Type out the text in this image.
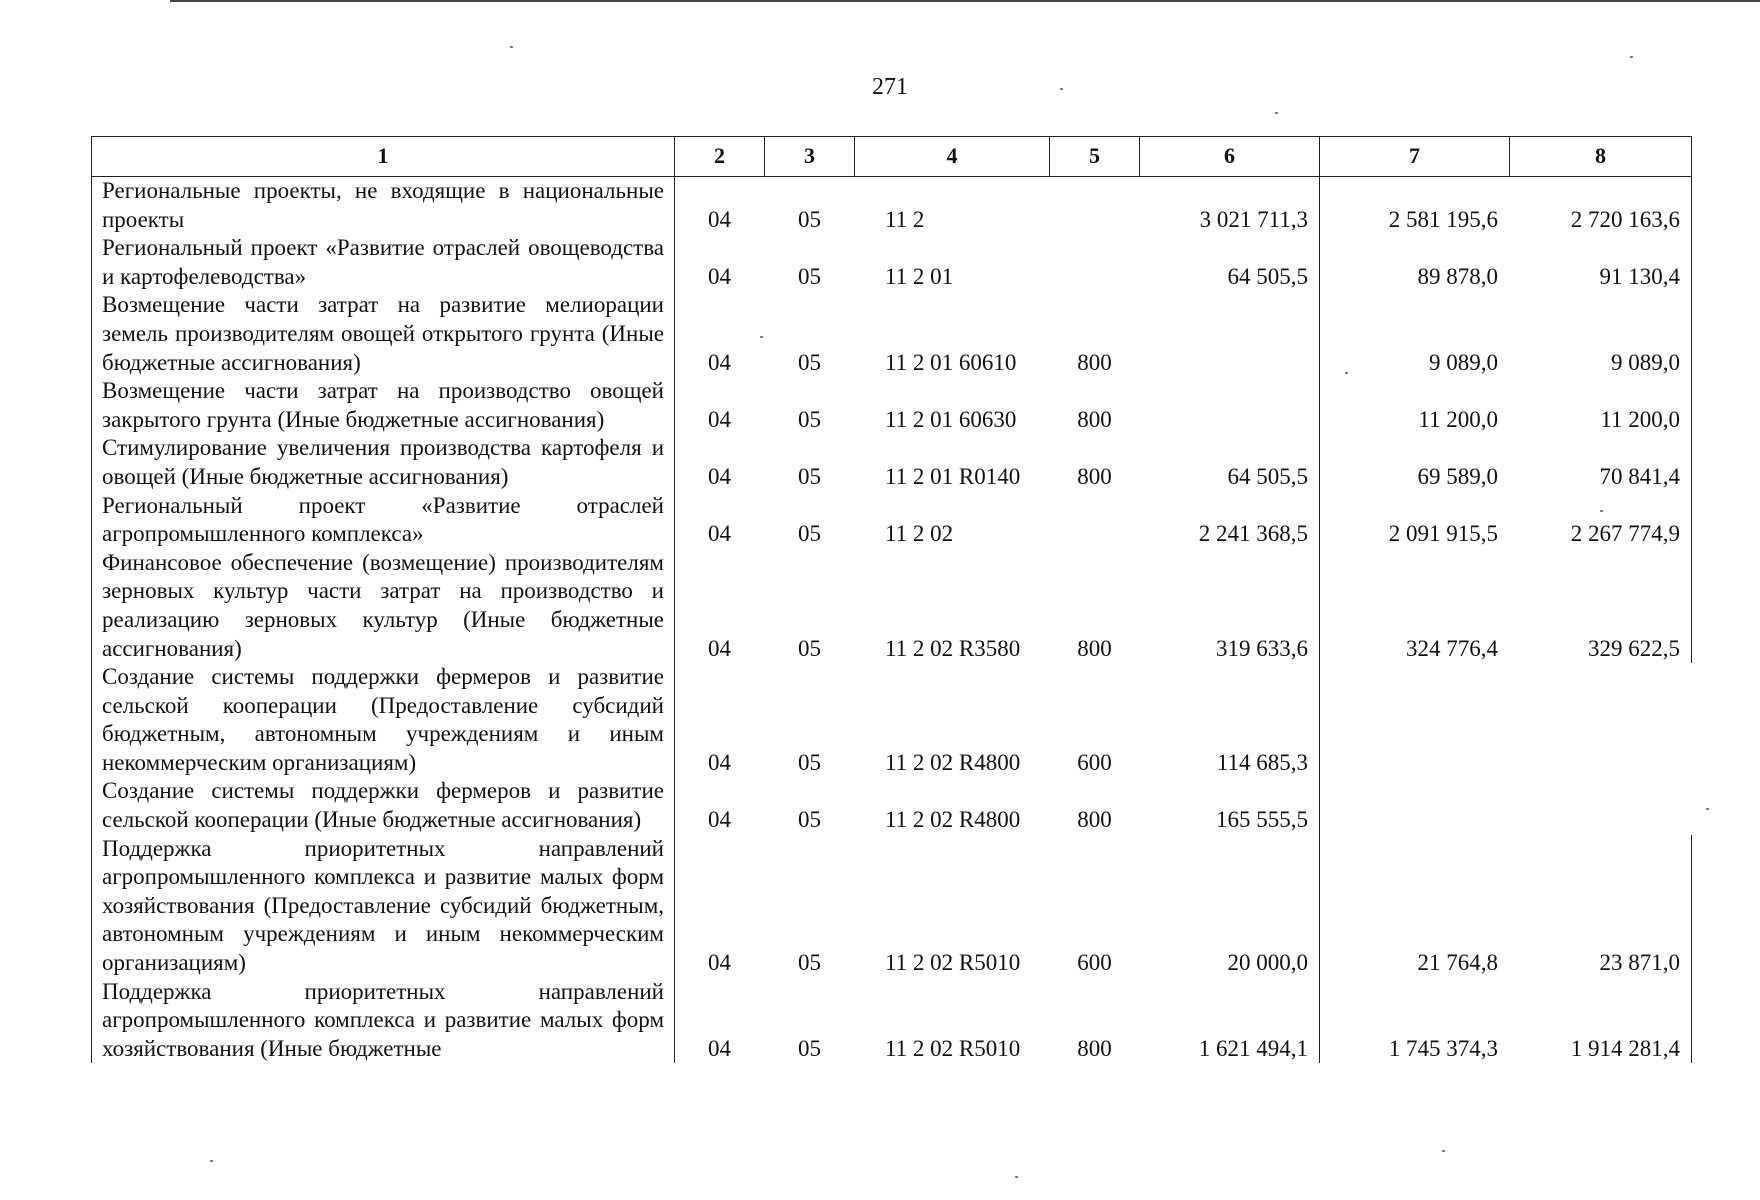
271
1	2	3	4	5	6	7	8
Региональные проекты, не входящие в национальные проекты	04	05	11 2		3 021 711,3	2 581 195,6	2 720 163,6
Региональный проект «Развитие отраслей овощеводства и картофелеводства»	04	05	11 2 01		64 505,5	89 878,0	91 130,4
Возмещение части затрат на развитие мелиорации земель производителям овощей открытого грунта (Иные бюджетные ассигнования)	04	05	11 2 01 60610	800		9 089,0	9 089,0
Возмещение части затрат на производство овощей закрытого грунта (Иные бюджетные ассигнования)	04	05	11 2 01 60630	800		11 200,0	11 200,0
Стимулирование увеличения производства картофеля и овощей (Иные бюджетные ассигнования)	04	05	11 2 01 R0140	800	64 505,5	69 589,0	70 841,4
Региональный проект «Развитие отраслей агропромышленного комплекса»	04	05	11 2 02		2 241 368,5	2 091 915,5	2 267 774,9
Финансовое обеспечение (возмещение) производителям зерновых культур части затрат на производство и реализацию зерновых культур (Иные бюджетные ассигнования)	04	05	11 2 02 R3580	800	319 633,6	324 776,4	329 622,5
Создание системы поддержки фермеров и развитие сельской кооперации (Предоставление субсидий бюджетным, автономным учреждениям и иным некоммерческим организациям)	04	05	11 2 02 R4800	600	114 685,3		
Создание системы поддержки фермеров и развитие сельской кооперации (Иные бюджетные ассигнования)	04	05	11 2 02 R4800	800	165 555,5		
Поддержка приоритетных направлений агропромышленного комплекса и развитие малых форм хозяйствования (Предоставление субсидий бюджетным, автономным учреждениям и иным некоммерческим организациям)	04	05	11 2 02 R5010	600	20 000,0	21 764,8	23 871,0
Поддержка приоритетных направлений агропромышленного комплекса и развитие малых форм хозяйствования (Иные бюджетные	04	05	11 2 02 R5010	800	1 621 494,1	1 745 374,3	1 914 281,4
